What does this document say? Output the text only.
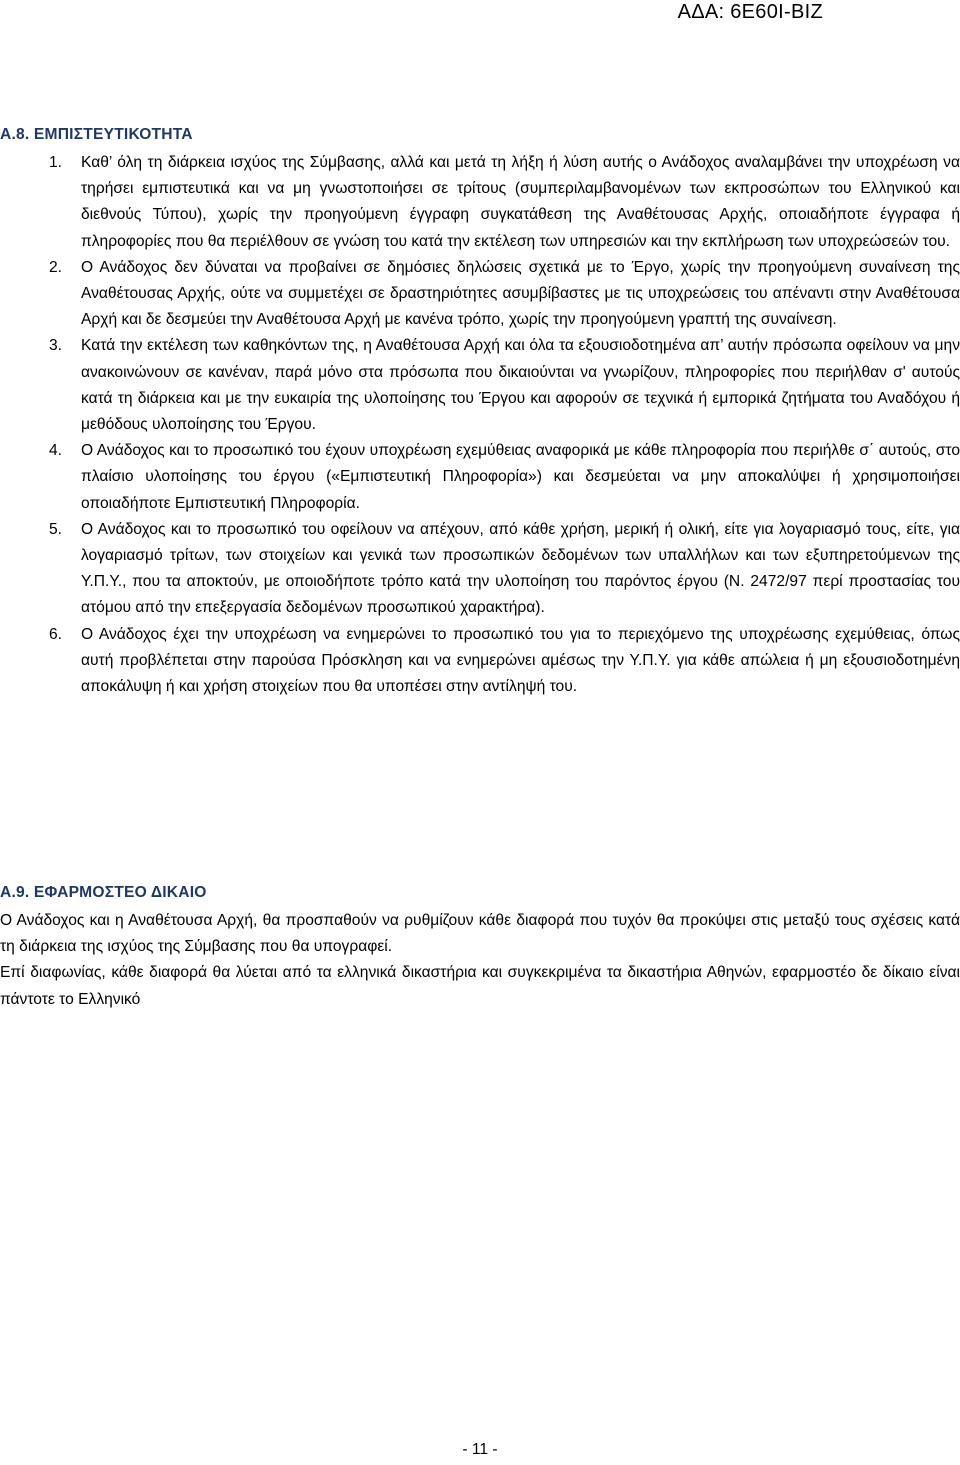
ΑΔΑ: 6Ε60Ι-ΒΙΖ
Α.8. ΕΜΠΙΣΤΕΥΤΙΚΟΤΗΤΑ
1.	Καθ’ όλη τη διάρκεια ισχύος της Σύμβασης, αλλά και μετά τη λήξη ή λύση αυτής ο Ανάδοχος αναλαμβάνει την υποχρέωση να τηρήσει εμπιστευτικά και να μη γνωστοποιήσει σε τρίτους (συμπεριλαμβανομένων των εκπροσώπων του Ελληνικού και διεθνούς Τύπου), χωρίς την προηγούμενη έγγραφη συγκατάθεση της Αναθέτουσας Αρχής, οποιαδήποτε έγγραφα ή πληροφορίες που θα περιέλθουν σε γνώση του κατά την εκτέλεση των υπηρεσιών και την εκπλήρωση των υποχρεώσεών του.
2.	Ο Ανάδοχος δεν δύναται να προβαίνει σε δημόσιες δηλώσεις σχετικά με το Έργο, χωρίς την προηγούμενη συναίνεση της Αναθέτουσας Αρχής, ούτε να συμμετέχει σε δραστηριότητες ασυμβίβαστες με τις υποχρεώσεις του απέναντι στην Αναθέτουσα Αρχή και δε δεσμεύει την Αναθέτουσα Αρχή με κανένα τρόπο, χωρίς την προηγούμενη γραπτή της συναίνεση.
3.	Κατά την εκτέλεση των καθηκόντων της, η Αναθέτουσα Αρχή και όλα τα εξουσιοδοτημένα απ’ αυτήν πρόσωπα οφείλουν να μην ανακοινώνουν σε κανέναν, παρά μόνο στα πρόσωπα που δικαιούνται να γνωρίζουν, πληροφορίες που περιήλθαν σ' αυτούς κατά τη διάρκεια και με την ευκαιρία της υλοποίησης του Έργου και αφορούν σε τεχνικά ή εμπορικά ζητήματα του Αναδόχου ή μεθόδους υλοποίησης του Έργου.
4.	Ο Ανάδοχος και το προσωπικό του έχουν υποχρέωση εχεμύθειας αναφορικά με κάθε πληροφορία που περιήλθε σ΄ αυτούς, στο πλαίσιο υλοποίησης του έργου («Εμπιστευτική Πληροφορία») και δεσμεύεται να μην αποκαλύψει ή χρησιμοποιήσει οποιαδήποτε Εμπιστευτική Πληροφορία.
5.	Ο Ανάδοχος και το προσωπικό του οφείλουν να απέχουν, από κάθε χρήση, μερική ή ολική, είτε για λογαριασμό τους, είτε, για λογαριασμό τρίτων, των στοιχείων και γενικά των προσωπικών δεδομένων των υπαλλήλων και των εξυπηρετούμενων της Υ.Π.Υ., που τα αποκτούν, με οποιοδήποτε τρόπο κατά την υλοποίηση του παρόντος έργου (Ν. 2472/97 περί προστασίας του ατόμου από την επεξεργασία δεδομένων προσωπικού χαρακτήρα).
6.	Ο Ανάδοχος έχει την υποχρέωση να ενημερώνει το προσωπικό του για το περιεχόμενο της υποχρέωσης εχεμύθειας, όπως αυτή προβλέπεται στην παρούσα Πρόσκληση και να ενημερώνει αμέσως την Υ.Π.Υ. για κάθε απώλεια ή μη εξουσιοδοτημένη αποκάλυψη ή και χρήση στοιχείων που θα υποπέσει στην αντίληψή του.
Α.9. ΕΦΑΡΜΟΣΤΕΟ ΔΙΚΑΙΟ

Ο Ανάδοχος και η Αναθέτουσα Αρχή, θα προσπαθούν να ρυθμίζουν κάθε διαφορά που τυχόν θα προκύψει στις μεταξύ τους σχέσεις κατά τη διάρκεια της ισχύος της Σύμβασης που θα υπογραφεί.

Επί διαφωνίας, κάθε διαφορά θα λύεται από τα ελληνικά δικαστήρια και συγκεκριμένα τα δικαστήρια Αθηνών, εφαρμοστέο δε δίκαιο είναι πάντοτε το Ελληνικό

- 11 -
